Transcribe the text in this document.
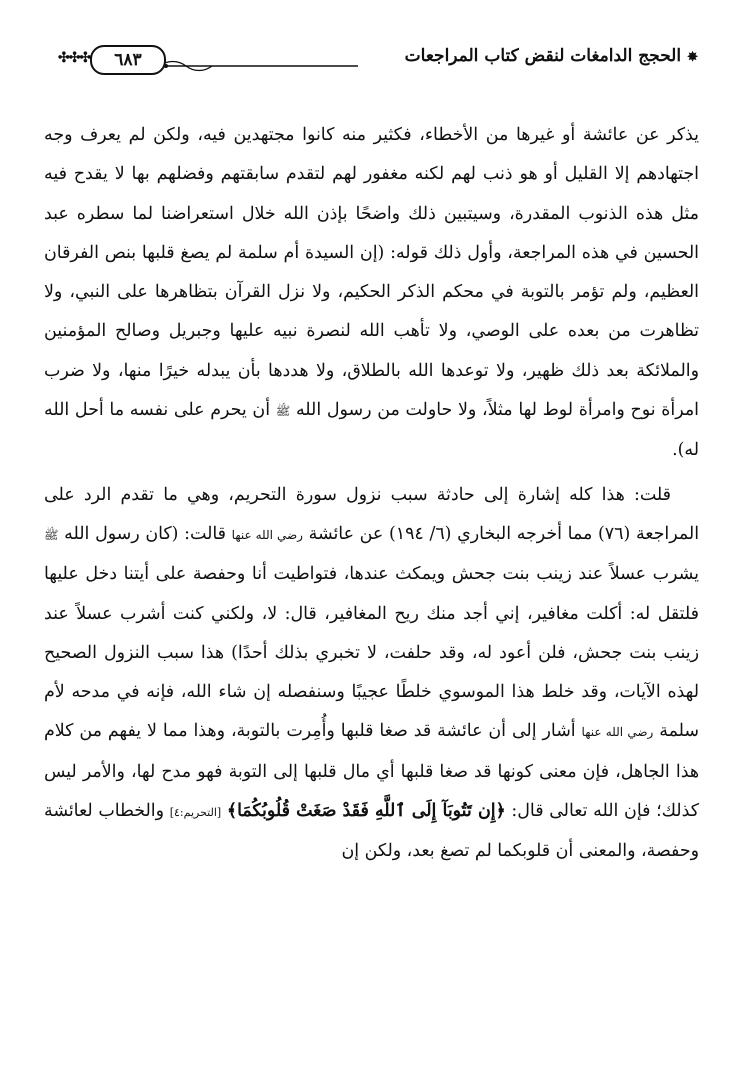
✸الحجج الدامغات لنقض كتاب المراجعات
٦٨٣
✣✣✣

يذكر عن عائشة أو غيرها من الأخطاء، فكثير منه كانوا مجتهدين فيه، ولكن لم يعرف وجه اجتهادهم إلا القليل أو هو ذنب لهم لكنه مغفور لهم لتقدم سابقتهم وفضلهم بها لا يقدح فيه مثل هذه الذنوب المقدرة، وسيتبين ذلك واضحًا بإذن الله خلال استعراضنا لما سطره عبد الحسين في هذه المراجعة، وأول ذلك قوله: (إن السيدة أم سلمة لم يصغ قلبها بنص الفرقان العظيم، ولم تؤمر بالتوبة في محكم الذكر الحكيم، ولا نزل القرآن بتظاهرها على النبي، ولا تظاهرت من بعده على الوصي، ولا تأهب الله لنصرة نبيه عليها وجبريل وصالح المؤمنين والملائكة بعد ذلك ظهير، ولا توعدها الله بالطلاق، ولا هددها بأن يبدله خيرًا منها، ولا ضرب امرأة نوح وامرأة لوط لها مثلاً، ولا حاولت من رسول الله ﷺ أن يحرم على نفسه ما أحل الله له).

قلت: هذا كله إشارة إلى حادثة سبب نزول سورة التحريم، وهي ما تقدم الرد على المراجعة (٧٦) مما أخرجه البخاري (٦/ ١٩٤) عن عائشة رضي الله عنها قالت: (كان رسول الله ﷺ يشرب عسلاً عند زينب بنت جحش ويمكث عندها، فتواطيت أنا وحفصة على أيتنا دخل عليها فلتقل له: أكلت مغافير، إني أجد منك ريح المغافير، قال: لا، ولكني كنت أشرب عسلاً عند زينب بنت جحش، فلن أعود له، وقد حلفت، لا تخبري بذلك أحدًا) هذا سبب النزول الصحيح لهذه الآيات، وقد خلط هذا الموسوي خلطًا عجيبًا وسنفصله إن شاء الله، فإنه في مدحه لأم سلمة رضي الله عنها أشار إلى أن عائشة قد صغا قلبها وأُمِرت بالتوبة، وهذا مما لا يفهم من كلام هذا الجاهل، فإن معنى كونها قد صغا قلبها أي مال قلبها إلى التوبة فهو مدح لها، والأمر ليس كذلك؛ فإن الله تعالى قال: ﴿إِن تَتُوبَآ إِلَى ٱللَّهِ فَقَدْ صَغَتْ قُلُوبُكُمَا﴾ [التحريم:٤] والخطاب لعائشة وحفصة، والمعنى أن قلوبكما لم تصغ بعد، ولكن إن
